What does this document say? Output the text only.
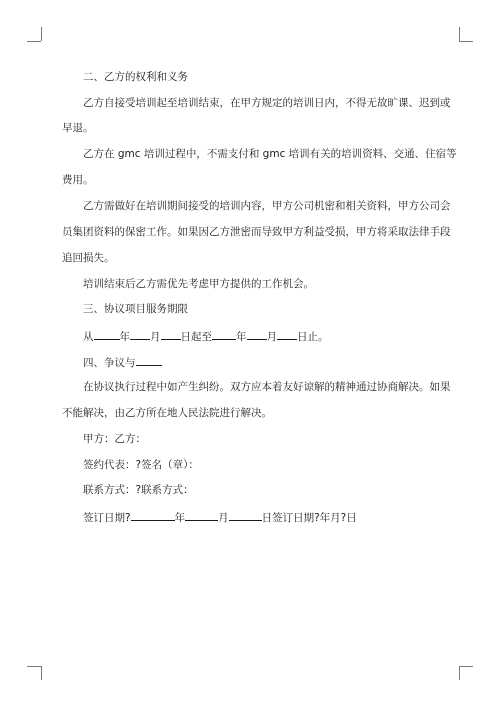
二、乙方的权利和义务
乙方自接受培训起至培训结束，在甲方规定的培训日内，不得无故旷课、迟到或
早退。
乙方在 gmc 培训过程中，不需支付和 gmc 培训有关的培训资料、交通、住宿等
费用。
乙方需做好在培训期间接受的培训内容，甲方公司机密和相关资料，甲方公司会
员集团资料的保密工作。如果因乙方泄密而导致甲方利益受损，甲方将采取法律手段
追回损失。
培训结束后乙方需优先考虑甲方提供的工作机会。
三、协议项目服务期限
从 年 月 日起至 年 月 日止。
四、争议与
在协议执行过程中如产生纠纷。双方应本着友好谅解的精神通过协商解决。如果
不能解决，由乙方所在地人民法院进行解决。
甲方：乙方：
签约代表：?签名（章）：
联系方式：?联系方式：
签订日期?	年	月	日签订日期?年月?日
